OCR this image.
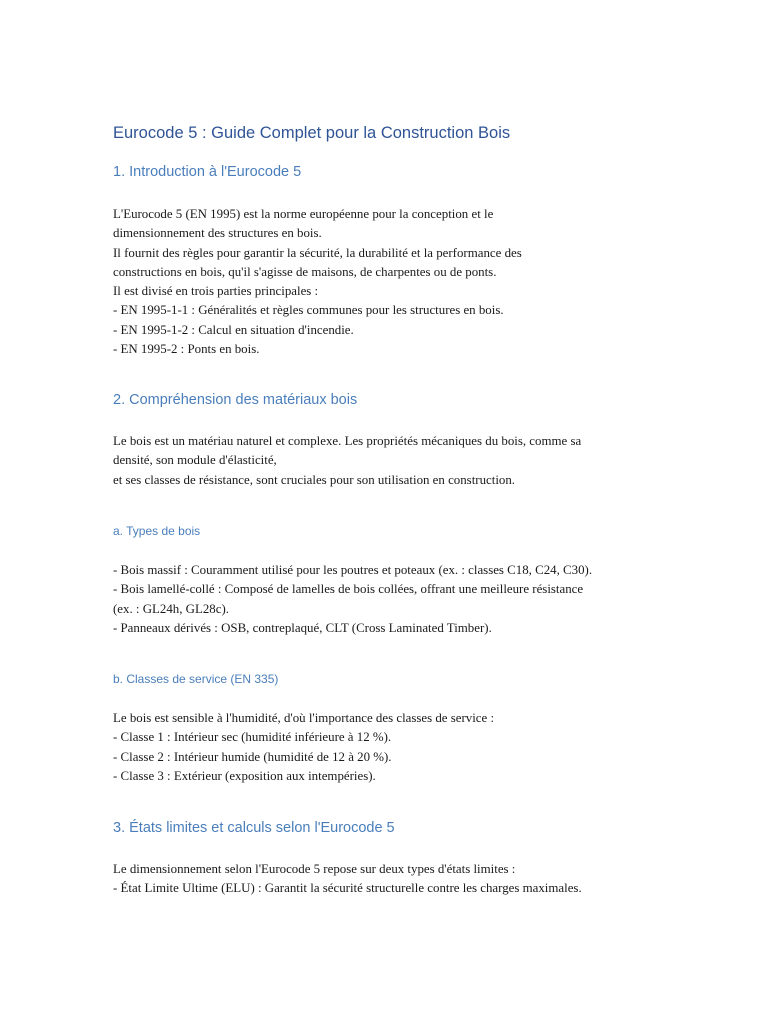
Eurocode 5 : Guide Complet pour la Construction Bois
1. Introduction à l'Eurocode 5
L'Eurocode 5 (EN 1995) est la norme européenne pour la conception et le
dimensionnement des structures en bois.
Il fournit des règles pour garantir la sécurité, la durabilité et la performance des
constructions en bois, qu'il s'agisse de maisons, de charpentes ou de ponts.
Il est divisé en trois parties principales :
- EN 1995-1-1 : Généralités et règles communes pour les structures en bois.
- EN 1995-1-2 : Calcul en situation d'incendie.
- EN 1995-2 : Ponts en bois.
2. Compréhension des matériaux bois
Le bois est un matériau naturel et complexe. Les propriétés mécaniques du bois, comme sa
densité, son module d'élasticité,
et ses classes de résistance, sont cruciales pour son utilisation en construction.
a. Types de bois
- Bois massif : Couramment utilisé pour les poutres et poteaux (ex. : classes C18, C24, C30).
- Bois lamellé-collé : Composé de lamelles de bois collées, offrant une meilleure résistance
(ex. : GL24h, GL28c).
- Panneaux dérivés : OSB, contreplaqué, CLT (Cross Laminated Timber).
b. Classes de service (EN 335)
Le bois est sensible à l'humidité, d'où l'importance des classes de service :
- Classe 1 : Intérieur sec (humidité inférieure à 12 %).
- Classe 2 : Intérieur humide (humidité de 12 à 20 %).
- Classe 3 : Extérieur (exposition aux intempéries).
3. États limites et calculs selon l'Eurocode 5
Le dimensionnement selon l'Eurocode 5 repose sur deux types d'états limites :
- État Limite Ultime (ELU) : Garantit la sécurité structurelle contre les charges maximales.
